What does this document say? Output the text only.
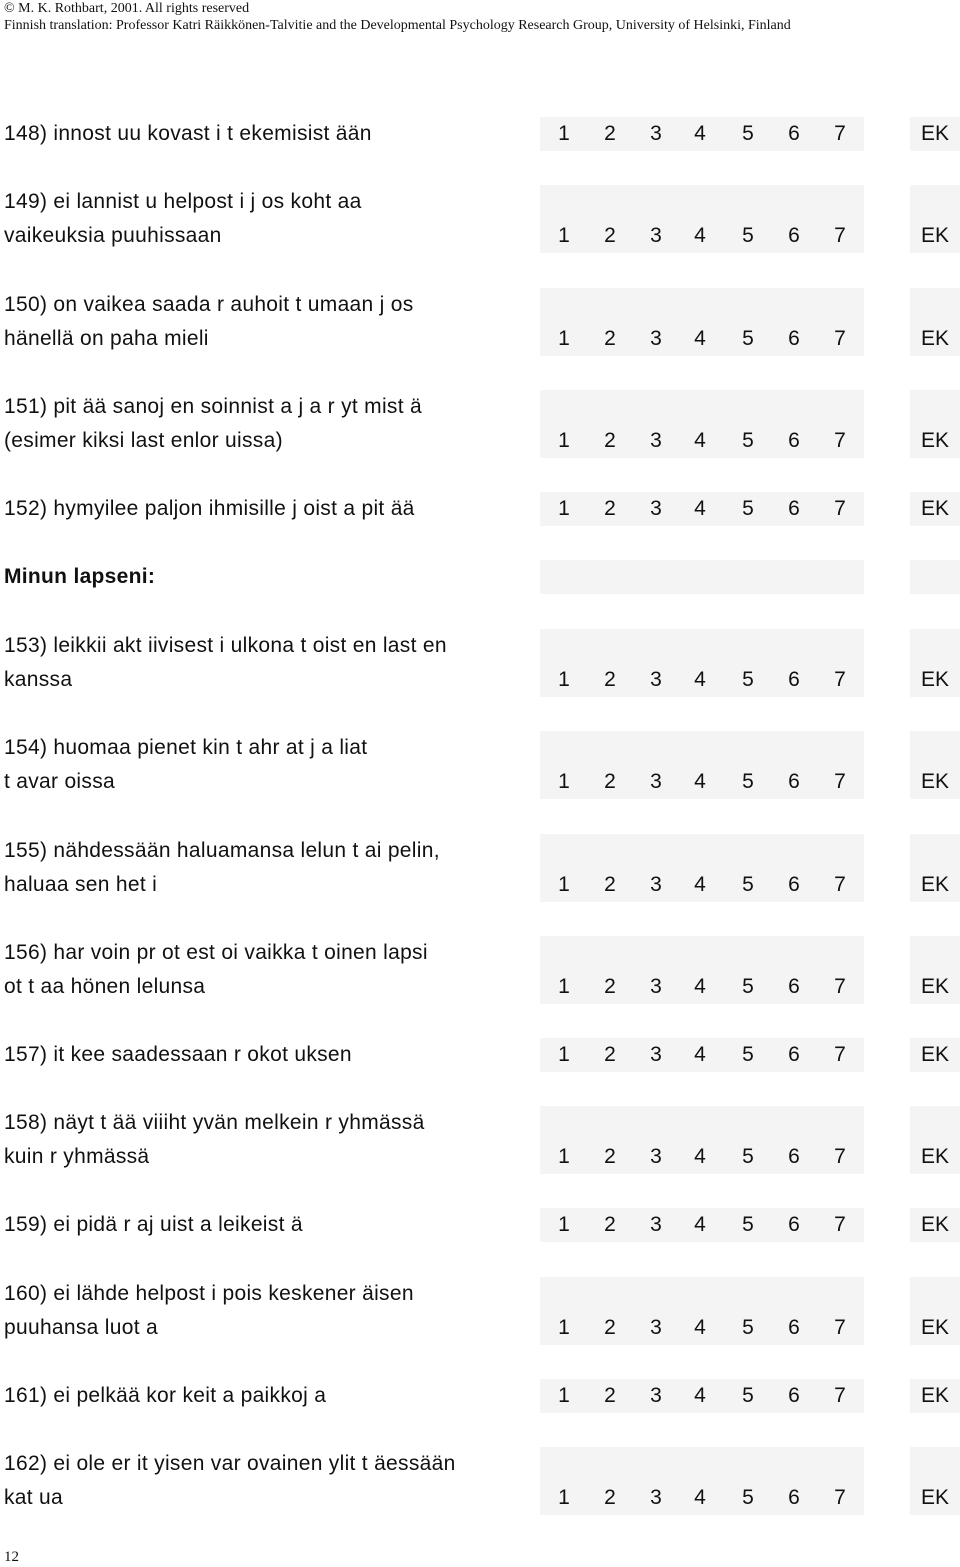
© M. K. Rothbart, 2001. All rights reserved
Finnish translation: Professor Katri Räikkönen-Talvitie and the Developmental Psychology Research Group, University of Helsinki, Finland
148) innost uu kovast i t ekemisist ään	1 2 3 4 5 6 7	EK
149) ei lannist u helpost i j os koht aa
vaikeuksia puuhissaan	1 2 3 4 5 6 7	EK
150) on vaikea saada r auhoit t umaan j os
hänellä on paha mieli	1 2 3 4 5 6 7	EK
151) pit ää sanoj en soinnist a j a r yt mist ä
(esimer kiksi last enlor uissa)	1 2 3 4 5 6 7	EK
152) hymyilee paljon ihmisille j oist a pit ää	1 2 3 4 5 6 7	EK
Minun lapseni:
153) leikkii akt iivisest i ulkona t oist en last en
kanssa	1 2 3 4 5 6 7	EK
154) huomaa pienet kin t ahr at j a liat
t avar oissa	1 2 3 4 5 6 7	EK
155) nähdessään haluamansa lelun t ai pelin,
haluaa sen het i	1 2 3 4 5 6 7	EK
156) har voin pr ot est oi vaikka t oinen lapsi
ot t aa hönen lelunsa	1 2 3 4 5 6 7	EK
157) it kee saadessaan r okot uksen	1 2 3 4 5 6 7	EK
158) näyt t ää viiiht yvän melkein r yhmässä
kuin r yhmässä	1 2 3 4 5 6 7	EK
159) ei pidä r aj uist a leikeist ä	1 2 3 4 5 6 7	EK
160) ei lähde helpost i pois keskener äisen
puuhansa luot a	1 2 3 4 5 6 7	EK
161) ei pelkää kor keit a paikkoj a	1 2 3 4 5 6 7	EK
162) ei ole er it yisen var ovainen ylit t äessään
kat ua	1 2 3 4 5 6 7	EK
12
